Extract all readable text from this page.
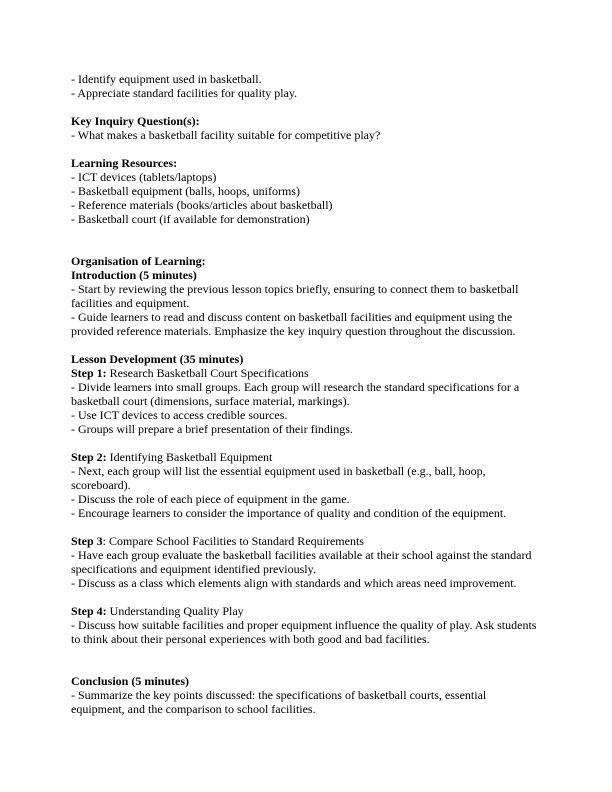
- Identify equipment used in basketball.

- Appreciate standard facilities for quality play.

Key Inquiry Question(s):

- What makes a basketball facility suitable for competitive play?

Learning Resources:

- ICT devices (tablets/laptops)

- Basketball equipment (balls, hoops, uniforms)

- Reference materials (books/articles about basketball)

- Basketball court (if available for demonstration)

Organisation of Learning:

Introduction (5 minutes)

- Start by reviewing the previous lesson topics briefly, ensuring to connect them to basketball facilities and equipment.

- Guide learners to read and discuss content on basketball facilities and equipment using the provided reference materials. Emphasize the key inquiry question throughout the discussion.

Lesson Development (35 minutes)

Step 1: Research Basketball Court Specifications

- Divide learners into small groups. Each group will research the standard specifications for a basketball court (dimensions, surface material, markings).

- Use ICT devices to access credible sources.

- Groups will prepare a brief presentation of their findings.

Step 2: Identifying Basketball Equipment

- Next, each group will list the essential equipment used in basketball (e.g., ball, hoop, scoreboard).

- Discuss the role of each piece of equipment in the game.

- Encourage learners to consider the importance of quality and condition of the equipment.

Step 3: Compare School Facilities to Standard Requirements

- Have each group evaluate the basketball facilities available at their school against the standard specifications and equipment identified previously.

- Discuss as a class which elements align with standards and which areas need improvement.

Step 4: Understanding Quality Play

- Discuss how suitable facilities and proper equipment influence the quality of play. Ask students to think about their personal experiences with both good and bad facilities.

Conclusion (5 minutes)

- Summarize the key points discussed: the specifications of basketball courts, essential equipment, and the comparison to school facilities.
